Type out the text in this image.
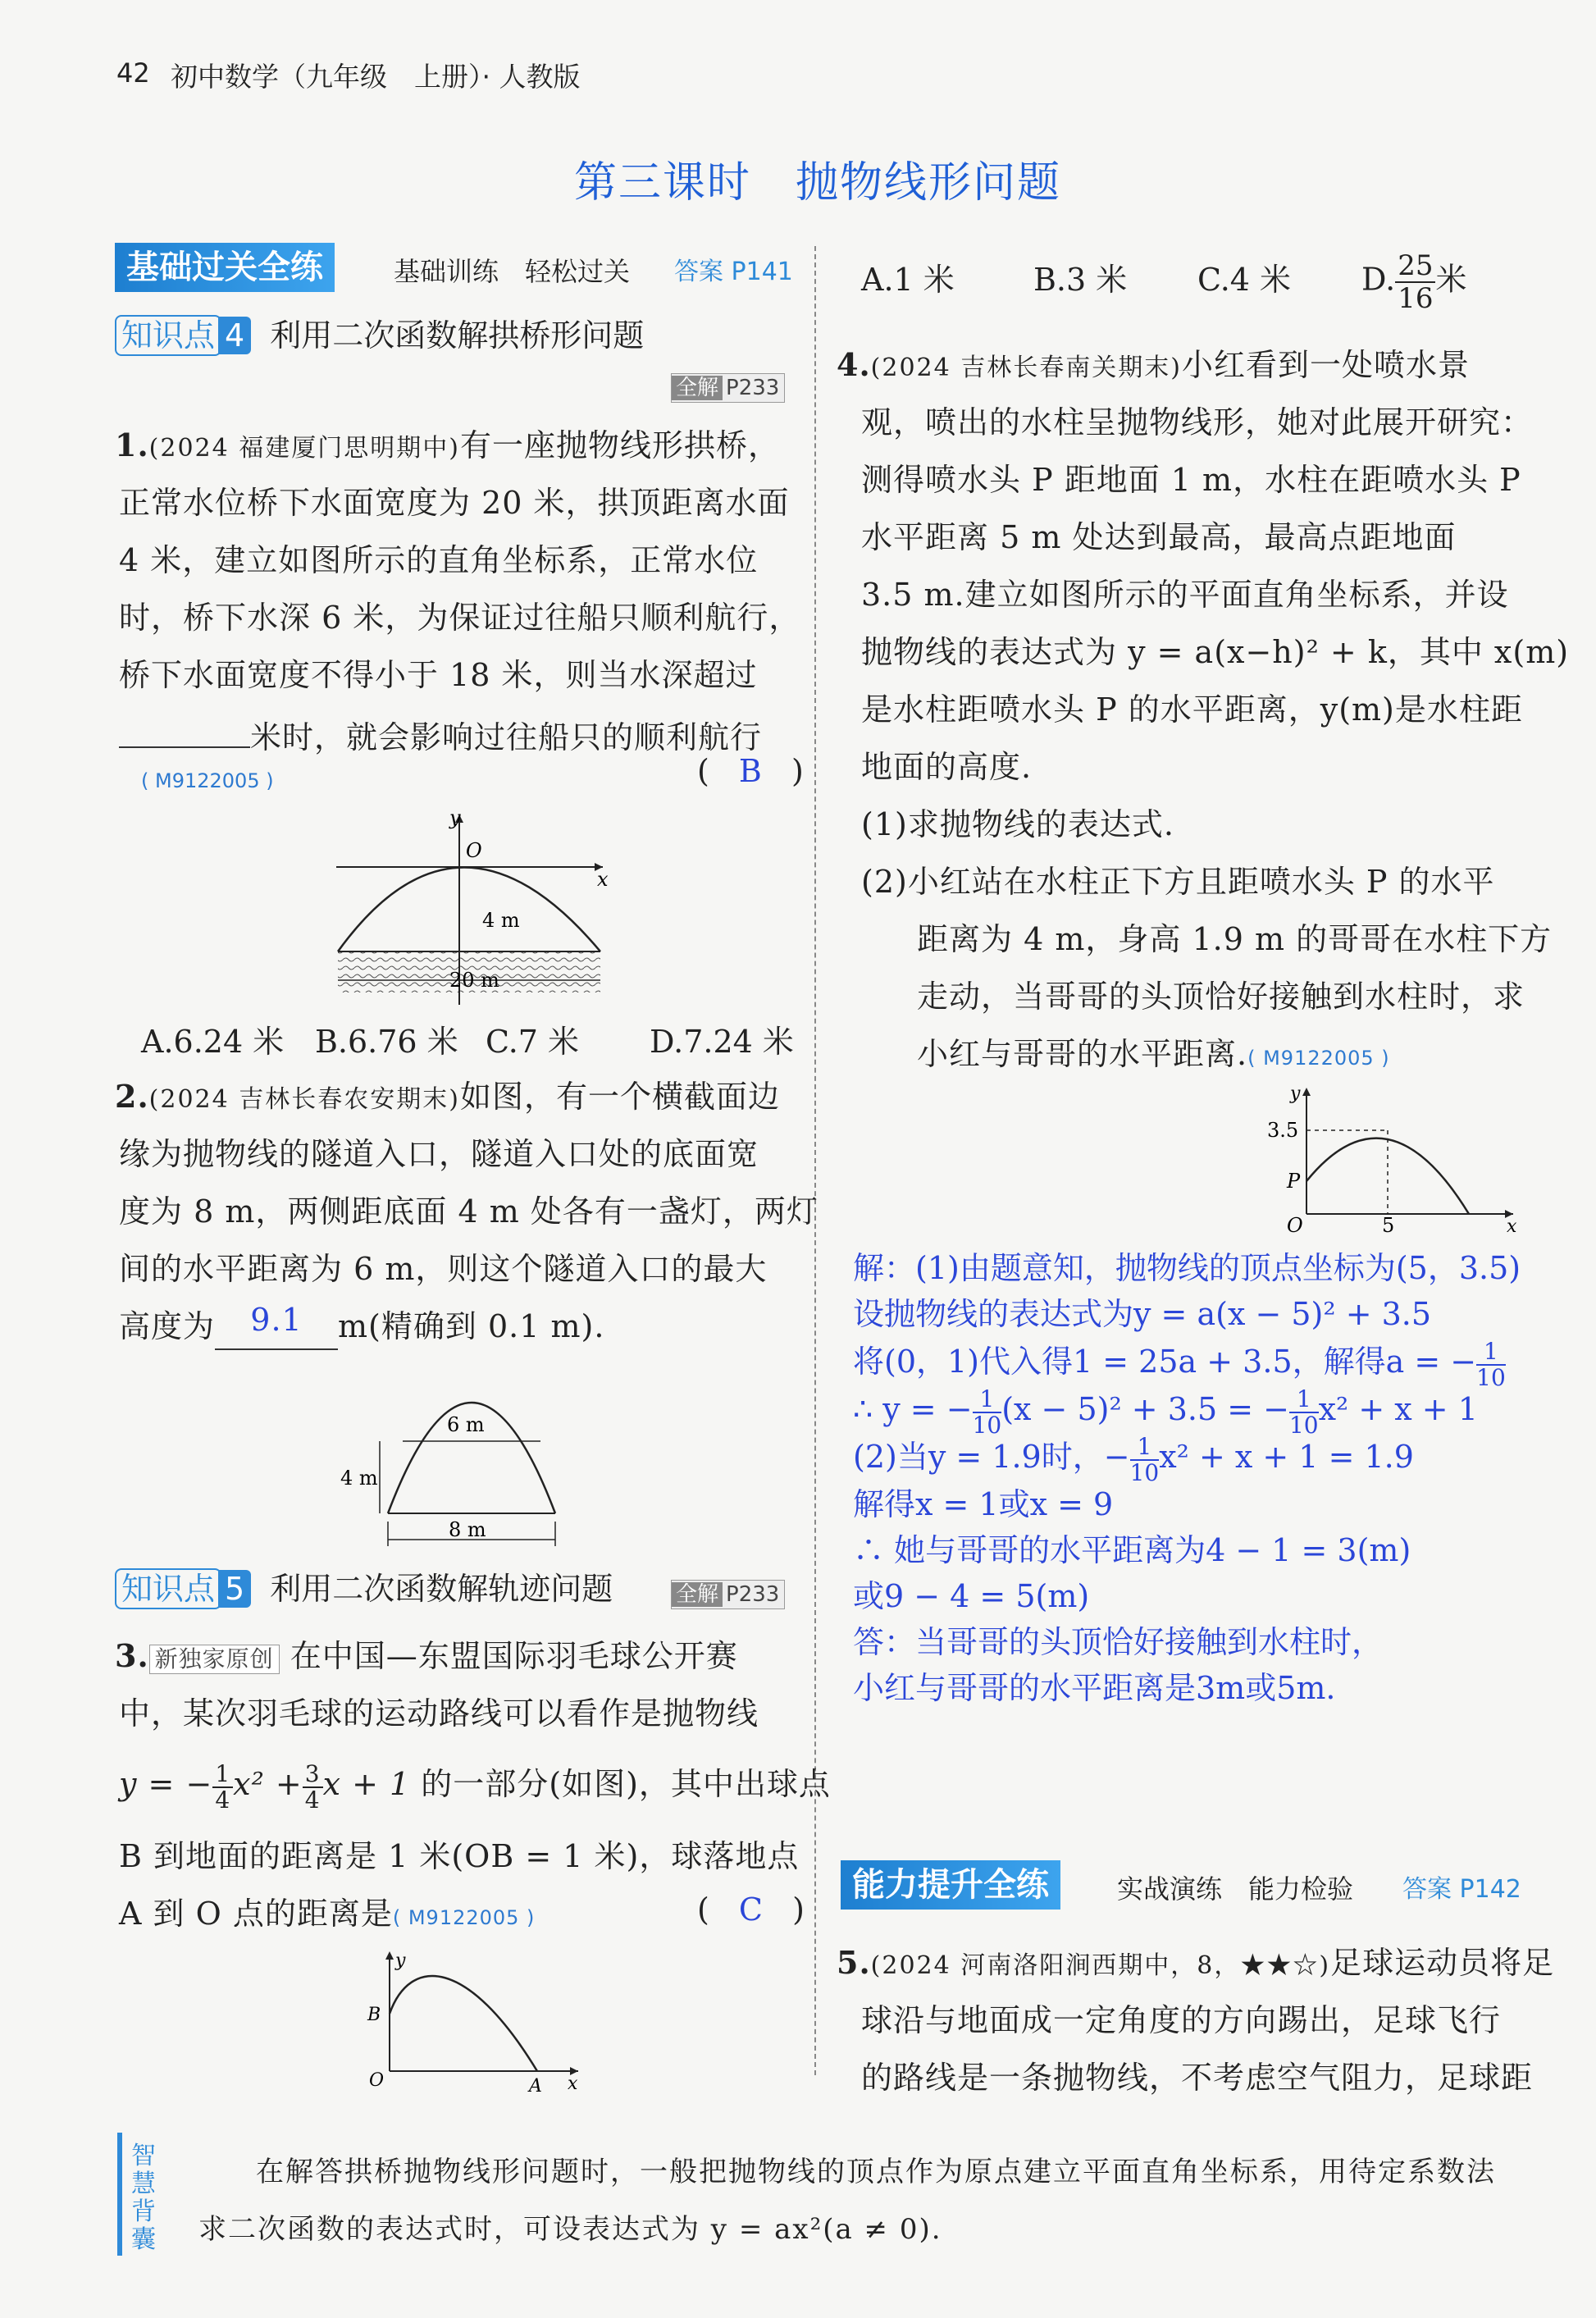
42 初中数学（九年级　上册）· 人教版
第三课时　抛物线形问题
基础过关全练	基础训练　轻松过关 答案 P141
知识点 4 利用二次函数解拱桥形问题
全解 P233
1.(2024 福建厦门思明期中)有一座抛物线形拱桥，
正常水位桥下水面宽度为 20 米，拱顶距离水面
4 米，建立如图所示的直角坐标系，正常水位
时，桥下水深 6 米，为保证过往船只顺利航行，
桥下水面宽度不得小于 18 米，则当水深超过
米时，就会影响过往船只的顺利航行
( M9122005 )	( B )
y
O
x
4 m
20 m
A.6.24 米 B.6.76 米 C.7 米 D.7.24 米
2.(2024 吉林长春农安期末)如图，有一个横截面边
缘为抛物线的隧道入口，隧道入口处的底面宽
度为 8 m，两侧距底面 4 m 处各有一盏灯，两灯
间的水平距离为 6 m，则这个隧道入口的最大
高度为 9.1 m(精确到 0.1 m).
6 m
4 m
8 m
知识点 5 利用二次函数解轨迹问题	全解 P233
3. 新独家原创 在中国—东盟国际羽毛球公开赛
中，某次羽毛球的运动路线可以看作是抛物线
y = − $\frac{1}{4} x^2 + \frac{3}{4}$ x + 1 的一部分(如图)，其中出球点
B 到地面的距离是 1 米(OB = 1 米)，球落地点
A 到 O 点的距离是( M9122005 )	( C )
y
B
O	A x
A.1 米	B.3 米 C.4 米 D. $\frac{25}{16}$ 米
4.(2024 吉林长春南关期末)小红看到一处喷水景
观，喷出的水柱呈抛物线形，她对此展开研究：
测得喷水头 P 距地面 1 m，水柱在距喷水头 P
水平距离 5 m 处达到最高，最高点距地面
3.5 m.建立如图所示的平面直角坐标系，并设
抛物线的表达式为 y = a(x−h)² + k，其中 x(m)
是水柱距喷水头 P 的水平距离，y(m)是水柱距
地面的高度.
(1)求抛物线的表达式.
(2)小红站在水柱正下方且距喷水头 P 的水平
距离为 4 m，身高 1.9 m 的哥哥在水柱下方
走动，当哥哥的头顶恰好接触到水柱时，求
小红与哥哥的水平距离.( M9122005 )
y
3.5
P
O	5	x
解：(1)由题意知，抛物线的顶点坐标为(5，3.5)
设抛物线的表达式为y = a(x − 5)² + 3.5
将(0，1)代入得1 = 25a + 3.5，解得a = − $\frac{1}{10}$
∴ y = − $\frac{1}{10} (x - 5)^2 + 3.5$ = − $\frac{1}{10} x^2 + x + 1$
(2)当y = 1.9时，− $\frac{1}{10} x^2 + x + 1 = 1.9$
解得x = 1或x = 9
∴ 她与哥哥的水平距离为4 − 1 = 3(m)
或9 − 4 = 5(m)
答：当哥哥的头顶恰好接触到水柱时，
小红与哥哥的水平距离是3m或5m.
能力提升全练	实战演练　能力检验 答案 P142
5.(2024 河南洛阳涧西期中，8，★★☆)足球运动员将足
球沿与地面成一定角度的方向踢出，足球飞行
的路线是一条抛物线，不考虑空气阻力，足球距
智慧背囊
在解答拱桥抛物线形问题时，一般把抛物线的顶点作为原点建立平面直角坐标系，用待定系数法
求二次函数的表达式时，可设表达式为 y = ax²(a ≠ 0).
